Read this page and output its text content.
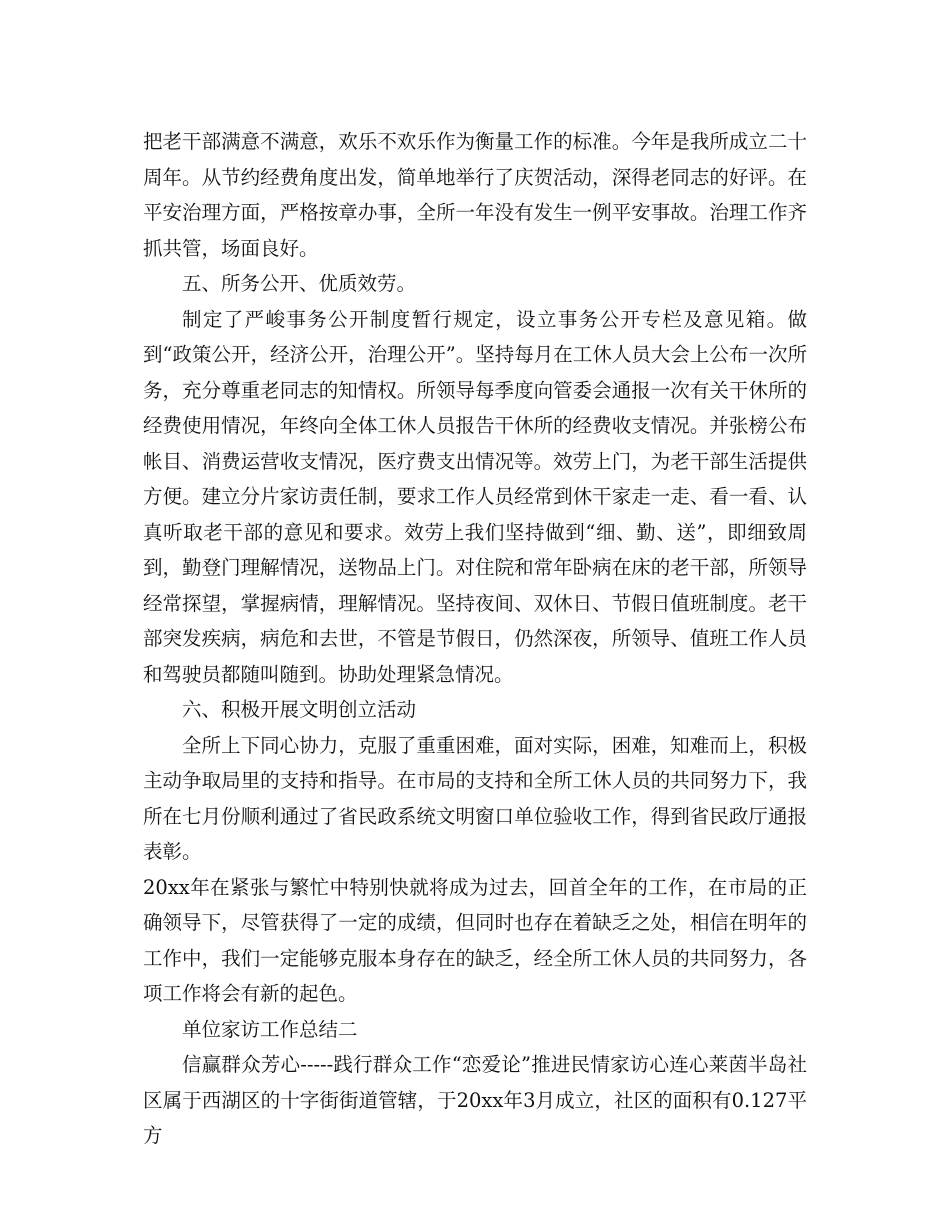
把老干部满意不满意，欢乐不欢乐作为衡量工作的标准。今年是我所成立二十周年。从节约经费角度出发，简单地举行了庆贺活动，深得老同志的好评。在平安治理方面，严格按章办事，全所一年没有发生一例平安事故。治理工作齐抓共管，场面良好。

五、所务公开、优质效劳。

制定了严峻事务公开制度暂行规定，设立事务公开专栏及意见箱。做到“政策公开，经济公开，治理公开”。坚持每月在工休人员大会上公布一次所务，充分尊重老同志的知情权。所领导每季度向管委会通报一次有关干休所的经费使用情况，年终向全体工休人员报告干休所的经费收支情况。并张榜公布帐目、消费运营收支情况，医疗费支出情况等。效劳上门，为老干部生活提供方便。建立分片家访责任制，要求工作人员经常到休干家走一走、看一看、认真听取老干部的意见和要求。效劳上我们坚持做到“细、勤、送”，即细致周到，勤登门理解情况，送物品上门。对住院和常年卧病在床的老干部，所领导经常探望，掌握病情，理解情况。坚持夜间、双休日、节假日值班制度。老干部突发疾病，病危和去世，不管是节假日，仍然深夜，所领导、值班工作人员和驾驶员都随叫随到。协助处理紧急情况。

六、积极开展文明创立活动

全所上下同心协力，克服了重重困难，面对实际，困难，知难而上，积极主动争取局里的支持和指导。在市局的支持和全所工休人员的共同努力下，我所在七月份顺利通过了省民政系统文明窗口单位验收工作，得到省民政厅通报表彰。

20xx年在紧张与繁忙中特别快就将成为过去，回首全年的工作，在市局的正确领导下，尽管获得了一定的成绩，但同时也存在着缺乏之处，相信在明年的工作中，我们一定能够克服本身存在的缺乏，经全所工休人员的共同努力，各项工作将会有新的起色。

单位家访工作总结二

信赢群众芳心-----践行群众工作“恋爱论”推进民情家访心连心莱茵半岛社区属于西湖区的十字街街道管辖，于20xx年3月成立，社区的面积有0.127平方
